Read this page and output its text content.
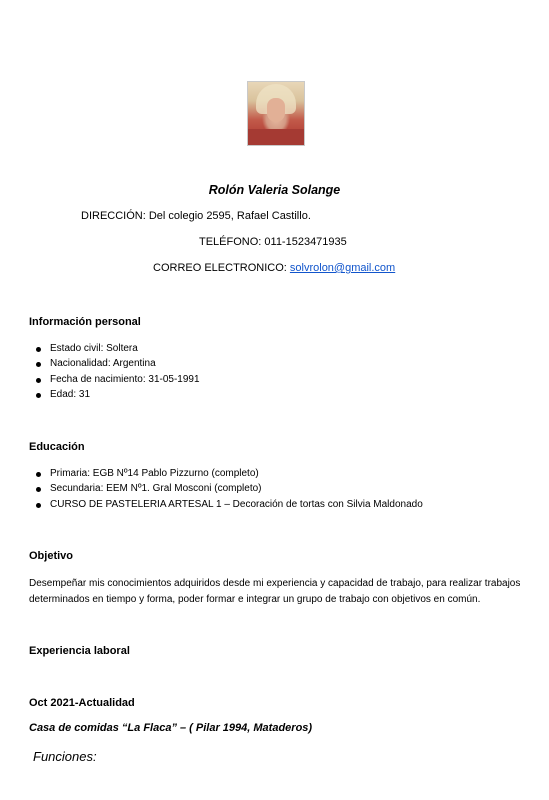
Rolón Valeria Solange
DIRECCIÓN: Del colegio 2595, Rafael Castillo.
TELÉFONO: 011-1523471935
CORREO ELECTRONICO: solvrolon@gmail.com
Información personal
Estado civil: Soltera
Nacionalidad: Argentina
Fecha de nacimiento: 31-05-1991
Edad: 31
Educación
Primaria: EGB Nº14 Pablo Pizzurno (completo)
Secundaria: EEM Nº1. Gral Mosconi (completo)
CURSO DE PASTELERIA ARTESAL 1 – Decoración de tortas con Silvia Maldonado
Objetivo
Desempeñar mis conocimientos adquiridos desde mi experiencia y capacidad de trabajo, para realizar trabajos determinados en tiempo y forma, poder formar e integrar un grupo de trabajo con objetivos en común.
Experiencia laboral
Oct 2021-Actualidad
Casa de comidas “La Flaca” – ( Pilar 1994, Mataderos)
Funciones:
